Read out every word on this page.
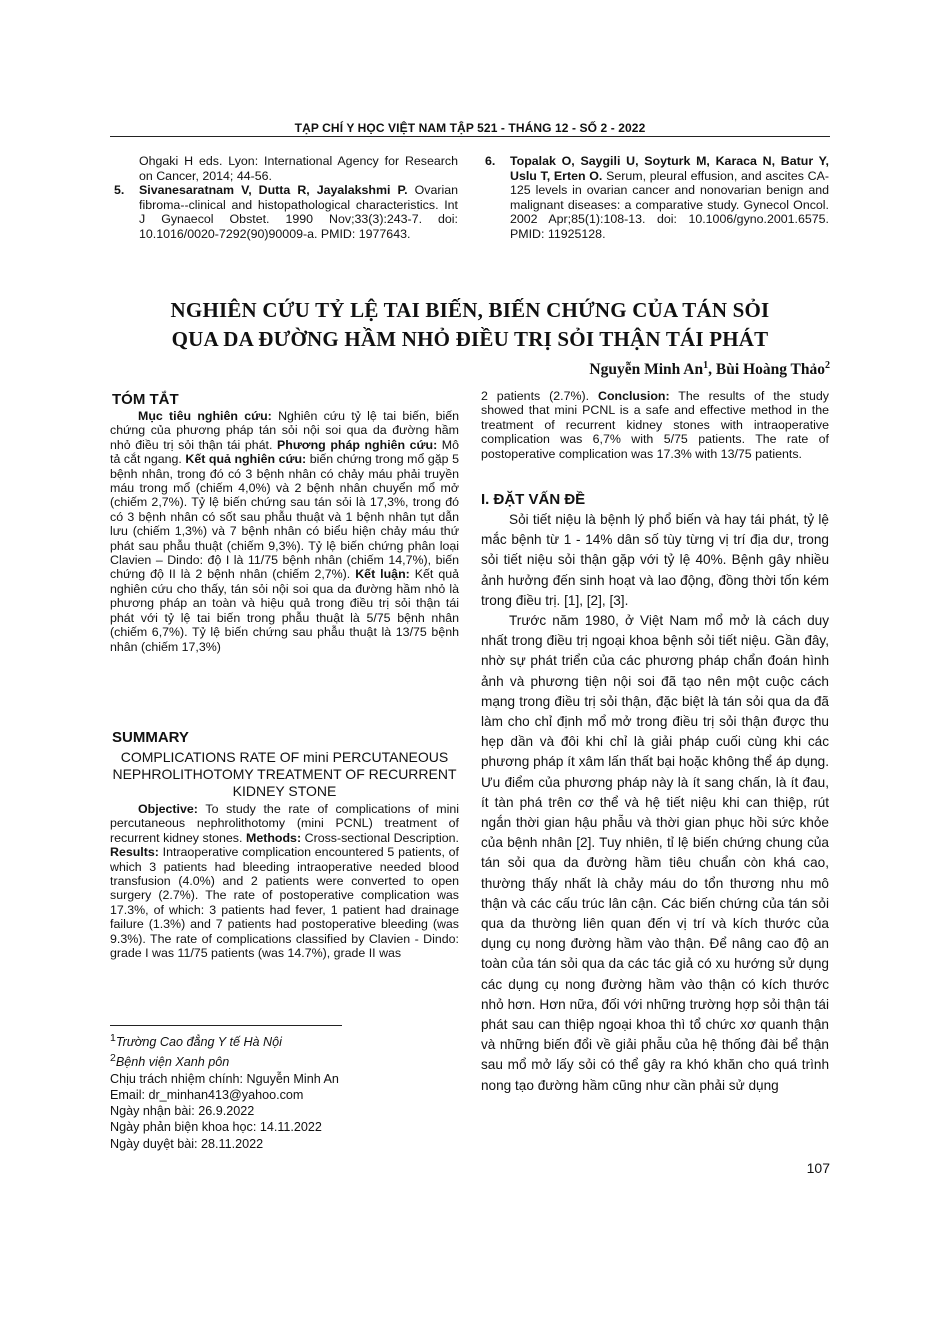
TẠP CHÍ Y HỌC VIỆT NAM TẬP 521 - THÁNG 12 - SỐ 2 - 2022
Ohgaki H eds. Lyon: International Agency for Research on Cancer, 2014; 44-56.
5. Sivanesaratnam V, Dutta R, Jayalakshmi P. Ovarian fibroma--clinical and histopathological characteristics. Int J Gynaecol Obstet. 1990 Nov;33(3):243-7. doi: 10.1016/0020-7292(90)90009-a. PMID: 1977643.
6. Topalak O, Saygili U, Soyturk M, Karaca N, Batur Y, Uslu T, Erten O. Serum, pleural effusion, and ascites CA-125 levels in ovarian cancer and nonovarian benign and malignant diseases: a comparative study. Gynecol Oncol. 2002 Apr;85(1):108-13. doi: 10.1006/gyno.2001.6575. PMID: 11925128.
NGHIÊN CỨU TỶ LỆ TAI BIẾN, BIẾN CHỨNG CỦA TÁN SỎI
QUA DA ĐƯỜNG HẦM NHỎ ĐIỀU TRỊ SỎI THẬN TÁI PHÁT
Nguyễn Minh An$^1$, Bùi Hoàng Thảo$^2$
TÓM TẮT
Mục tiêu nghiên cứu: Nghiên cứu tỷ lệ tai biến, biến chứng của phương pháp tán sỏi nội soi qua da đường hầm nhỏ điều trị sỏi thận tái phát. Phương pháp nghiên cứu: Mô tả cắt ngang. Kết quả nghiên cứu: biến chứng trong mổ gặp 5 bệnh nhân, trong đó có 3 bệnh nhân có chảy máu phải truyền máu trong mổ (chiếm 4,0%) và 2 bệnh nhân chuyển mổ mở (chiếm 2,7%). Tỷ lệ biến chứng sau tán sỏi là 17,3%, trong đó có 3 bệnh nhân có sốt sau phẫu thuật và 1 bệnh nhân tụt dẫn lưu (chiếm 1,3%) và 7 bệnh nhân có biểu hiện chảy máu thứ phát sau phẫu thuật (chiếm 9,3%). Tỷ lệ biến chứng phân loại Clavien – Dindo: độ I là 11/75 bệnh nhân (chiếm 14,7%), biến chứng độ II là 2 bệnh nhân (chiếm 2,7%). Kết luận: Kết quả nghiên cứu cho thấy, tán sỏi nội soi qua da đường hầm nhỏ là phương pháp an toàn và hiệu quả trong điều trị sỏi thận tái phát với tỷ lệ tai biến trong phẫu thuật là 5/75 bệnh nhân (chiếm 6,7%). Tỷ lệ biến chứng sau phẫu thuật là 13/75 bệnh nhân (chiếm 17,3%)
SUMMARY
COMPLICATIONS RATE OF mini PERCUTANEOUS NEPHROLITHOTOMY TREATMENT OF RECURRENT KIDNEY STONE
Objective: To study the rate of complications of mini percutaneous nephrolithotomy (mini PCNL) treatment of recurrent kidney stones. Methods: Cross-sectional Description. Results: Intraoperative complication encountered 5 patients, of which 3 patients had bleeding intraoperative needed blood transfusion (4.0%) and 2 patients were converted to open surgery (2.7%). The rate of postoperative complication was 17.3%, of which: 3 patients had fever, 1 patient had drainage failure (1.3%) and 7 patients had postoperative bleeding (was 9.3%). The rate of complications classified by Clavien - Dindo: grade I was 11/75 patients (was 14.7%), grade II was
$^1$Trường Cao đẳng Y tế Hà Nội
$^2$Bệnh viện Xanh pôn
Chịu trách nhiệm chính: Nguyễn Minh An
Email: dr_minhan413@yahoo.com
Ngày nhận bài: 26.9.2022
Ngày phản biện khoa học: 14.11.2022
Ngày duyệt bài: 28.11.2022
2 patients (2.7%). Conclusion: The results of the study showed that mini PCNL is a safe and effective method in the treatment of recurrent kidney stones with intraoperative complication was 6,7% with 5/75 patients. The rate of postoperative complication was 17.3% with 13/75 patients.
I. ĐẶT VẤN ĐỀ
Sỏi tiết niệu là bệnh lý phổ biến và hay tái phát, tỷ lệ mắc bệnh từ 1 - 14% dân số tùy từng vị trí địa dư, trong sỏi tiết niệu sỏi thận gặp với tỷ lệ 40%. Bệnh gây nhiều ảnh hưởng đến sinh hoạt và lao động, đồng thời tốn kém trong điều trị. [1], [2], [3].
Trước năm 1980, ở Việt Nam mổ mở là cách duy nhất trong điều trị ngoại khoa bệnh sỏi tiết niệu. Gần đây, nhờ sự phát triển của các phương pháp chẩn đoán hình ảnh và phương tiện nội soi đã tạo nên một cuộc cách mạng trong điều trị sỏi thận, đặc biệt là tán sỏi qua da đã làm cho chỉ định mổ mở trong điều trị sỏi thận được thu hẹp dần và đôi khi chỉ là giải pháp cuối cùng khi các phương pháp ít xâm lấn thất bại hoặc không thể áp dụng. Ưu điểm của phương pháp này là ít sang chấn, là ít đau, ít tàn phá trên cơ thể và hệ tiết niệu khi can thiệp, rút ngắn thời gian hậu phẫu và thời gian phục hồi sức khỏe của bệnh nhân [2]. Tuy nhiên, tỉ lệ biến chứng chung của tán sỏi qua da đường hầm tiêu chuẩn còn khá cao, thường thấy nhất là chảy máu do tổn thương nhu mô thận và các cấu trúc lân cận. Các biến chứng của tán sỏi qua da thường liên quan đến vị trí và kích thước của dụng cụ nong đường hầm vào thận. Để nâng cao độ an toàn của tán sỏi qua da các tác giả có xu hướng sử dụng các dụng cụ nong đường hầm vào thận có kích thước nhỏ hơn. Hơn nữa, đối với những trường hợp sỏi thận tái phát sau can thiệp ngoại khoa thì tổ chức xơ quanh thận và những biến đổi về giải phẫu của hệ thống đài bể thận sau mổ mở lấy sỏi có thể gây ra khó khăn cho quá trình nong tạo đường hầm cũng như cần phải sử dụng
107
